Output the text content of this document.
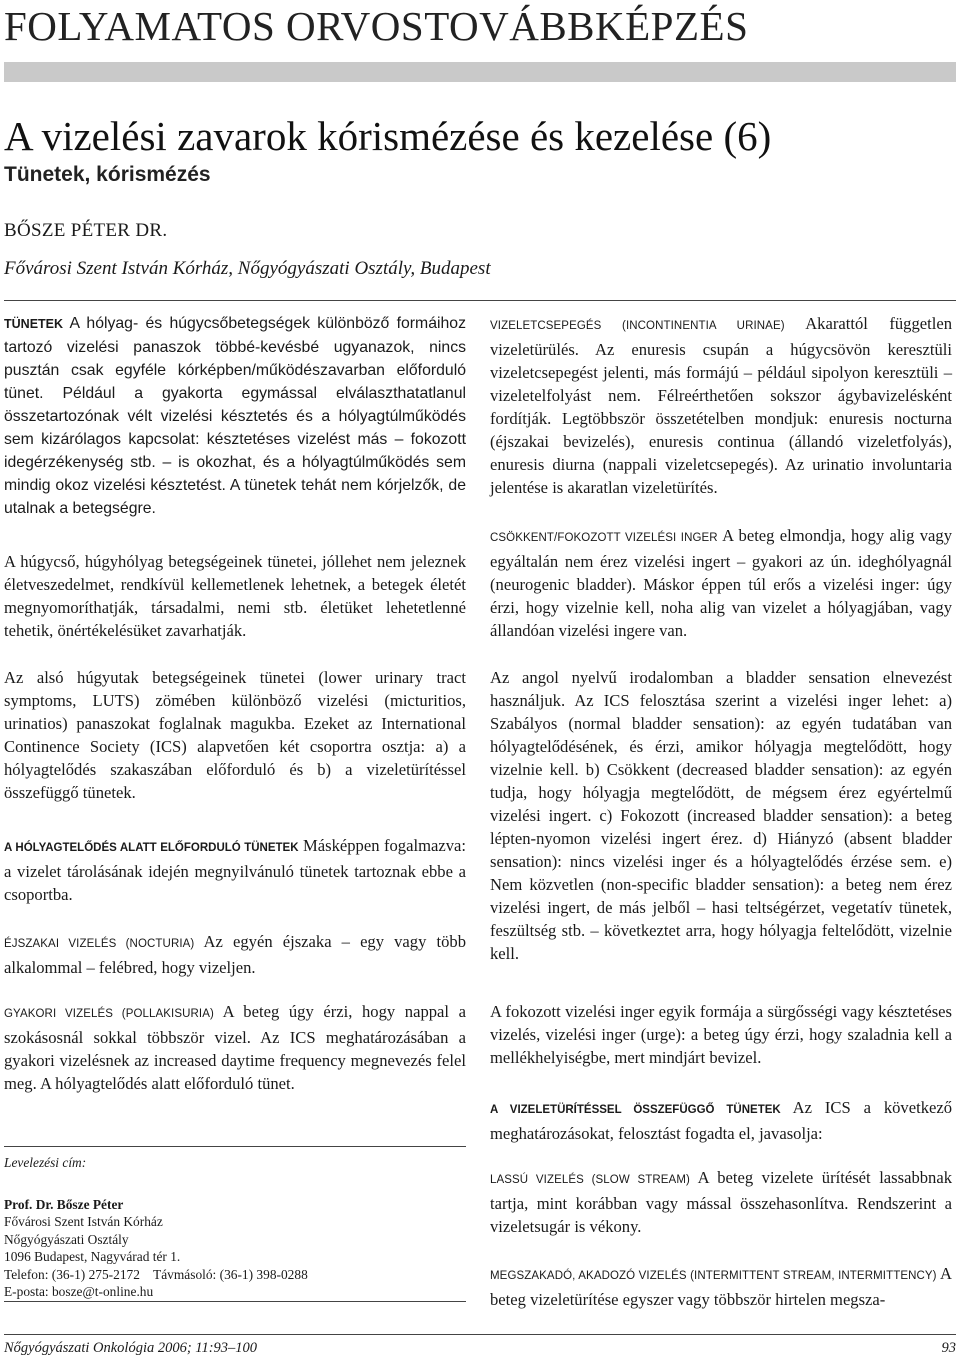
FOLYAMATOS ORVOSTOVÁBBKÉPZÉS
A vizelési zavarok kórismézése és kezelése (6)
Tünetek, kórismézés
BŐSZE PÉTER DR.
Fővárosi Szent István Kórház, Nőgyógyászati Osztály, Budapest

TÜNETEK A hólyag- és húgycsőbetegségek különböző formáihoz tartozó vizelési panaszok többé-kevésbé ugyanazok, nincs pusztán csak egyféle kórképben/működészavarban előforduló tünet. Például a gyakorta egymással elválaszthatatlanul összetartozónak vélt vizelési késztetés és a hólyagtúlműködés sem kizárólagos kapcsolat: késztetéses vizelést más – fokozott idegérzékenység stb. – is okozhat, és a hólyagtúlműködés sem mindig okoz vizelési késztetést. A tünetek tehát nem kórjelzők, de utalnak a betegségre.

A húgycső, húgyhólyag betegségeinek tünetei, jóllehet nem jeleznek életveszedelmet, rendkívül kellemetlenek lehetnek, a betegek életét megnyomoríthatják, társadalmi, nemi stb. életüket lehetetlenné tehetik, önértékelésüket zavarhatják.

Az alsó húgyutak betegségeinek tünetei (lower urinary tract symptoms, LUTS) zömében különböző vizelési (micturitios, urinatios) panaszokat foglalnak magukba. Ezeket az International Continence Society (ICS) alapvetően két csoportra osztja: a) a hólyagtelődés szakaszában előforduló és b) a vizeletürítéssel összefüggő tünetek.

A HÓLYAGTELŐDÉS ALATT ELŐFORDULÓ TÜNETEK Másképpen fogalmazva: a vizelet tárolásának idején megnyilvánuló tünetek tartoznak ebbe a csoportba.

ÉJSZAKAI VIZELÉS (NOCTURIA) Az egyén éjszaka – egy vagy több alkalommal – felébred, hogy vizeljen.

GYAKORI VIZELÉS (POLLAKISURIA) A beteg úgy érzi, hogy nappal a szokásosnál sokkal többször vizel. Az ICS meghatározásában a gyakori vizelésnek az increased daytime frequency megnevezés felel meg. A hólyagtelődés alatt előforduló tünet.

Levelezési cím:
Prof. Dr. Bősze Péter
Fővárosi Szent István Kórház
Nőgyógyászati Osztály
1096 Budapest, Nagyvárad tér 1.
Telefon: (36-1) 275-2172    Távmásoló: (36-1) 398-0288
E-posta: bosze@t-online.hu

VIZELETCSEPEGÉS (INCONTINENTIA URINAE) Akarattól független vizeletürülés. Az enuresis csupán a húgycsövön keresztüli vizeletcsepegést jelenti, más formájú – például sipolyon keresztüli – vizeletelfolyást nem. Félreérthetően sokszor ágybavizelésként fordítják. Legtöbbször összetételben mondjuk: enuresis nocturna (éjszakai bevizelés), enuresis continua (állandó vizeletfolyás), enuresis diurna (nappali vizeletcsepegés). Az urinatio involuntaria jelentése is akaratlan vizeletürítés.

CSÖKKENT/FOKOZOTT VIZELÉSI INGER A beteg elmondja, hogy alig vagy egyáltalán nem érez vizelési ingert – gyakori az ún. ideghólyagnál (neurogenic bladder). Máskor éppen túl erős a vizelési inger: úgy érzi, hogy vizelnie kell, noha alig van vizelet a hólyagjában, vagy állandóan vizelési ingere van.

Az angol nyelvű irodalomban a bladder sensation elnevezést használjuk. Az ICS felosztása szerint a vizelési inger lehet: a) Szabályos (normal bladder sensation): az egyén tudatában van hólyagtelődésének, és érzi, amikor hólyagja megtelődött, hogy vizelnie kell. b) Csökkent (decreased bladder sensation): az egyén tudja, hogy hólyagja megtelődött, de mégsem érez egyértelmű vizelési ingert. c) Fokozott (increased bladder sensation): a beteg lépten-nyomon vizelési ingert érez. d) Hiányzó (absent bladder sensation): nincs vizelési inger és a hólyagtelődés érzése sem. e) Nem közvetlen (non-specific bladder sensation): a beteg nem érez vizelési ingert, de más jelből – hasi teltségérzet, vegetatív tünetek, feszültség stb. – következtet arra, hogy hólyagja feltelődött, vizelnie kell.

A fokozott vizelési inger egyik formája a sürgősségi vagy késztetéses vizelés, vizelési inger (urge): a beteg úgy érzi, hogy szaladnia kell a mellékhelyiségbe, mert mindjárt bevizel.

A VIZELETÜRÍTÉSSEL ÖSSZEFÜGGŐ TÜNETEK Az ICS a következő meghatározásokat, felosztást fogadta el, javasolja:

LASSÚ VIZELÉS (SLOW STREAM) A beteg vizelete ürítését lassabbnak tartja, mint korábban vagy mással összehasonlítva. Rendszerint a vizeletsugár is vékony.

MEGSZAKADÓ, AKADOZÓ VIZELÉS (INTERMITTENT STREAM, INTERMITTENCY) A beteg vizeletürítése egyszer vagy többször hirtelen megsza-

Nőgyógyászati Onkológia 2006; 11:93–100	93
